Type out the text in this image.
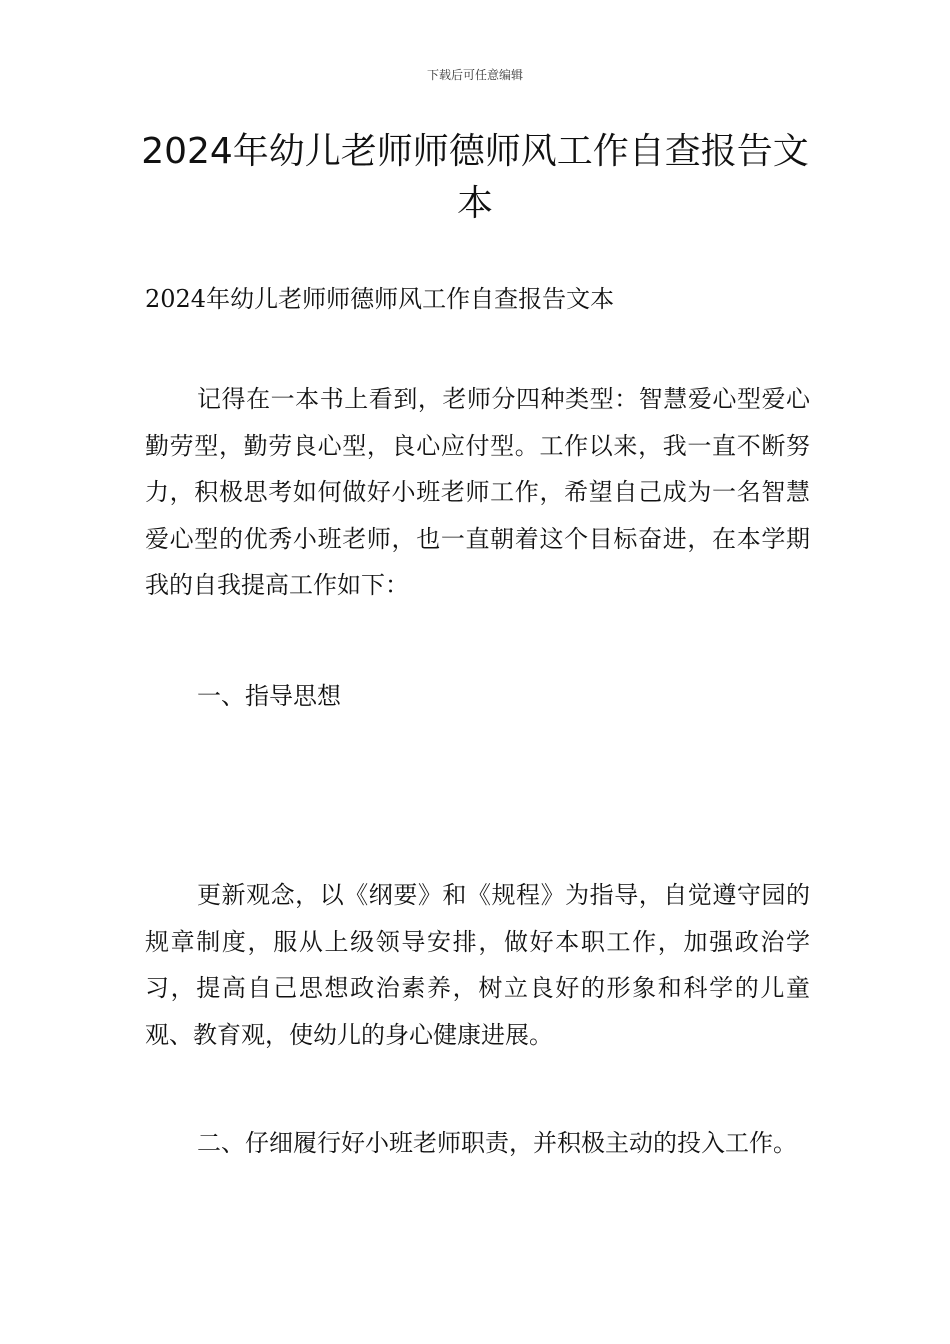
下载后可任意编辑
2024年幼儿老师师德师风工作自查报告文本

2024年幼儿老师师德师风工作自查报告文本

记得在一本书上看到，老师分四种类型：智慧爱心型爱心勤劳型，勤劳良心型，良心应付型。工作以来，我一直不断努力，积极思考如何做好小班老师工作，希望自己成为一名智慧爱心型的优秀小班老师，也一直朝着这个目标奋进，在本学期我的自我提高工作如下：

一、指导思想

更新观念，以《纲要》和《规程》为指导，自觉遵守园的规章制度，服从上级领导安排，做好本职工作，加强政治学习，提高自己思想政治素养，树立良好的形象和科学的儿童观、教育观，使幼儿的身心健康进展。

二、仔细履行好小班老师职责，并积极主动的投入工作。
